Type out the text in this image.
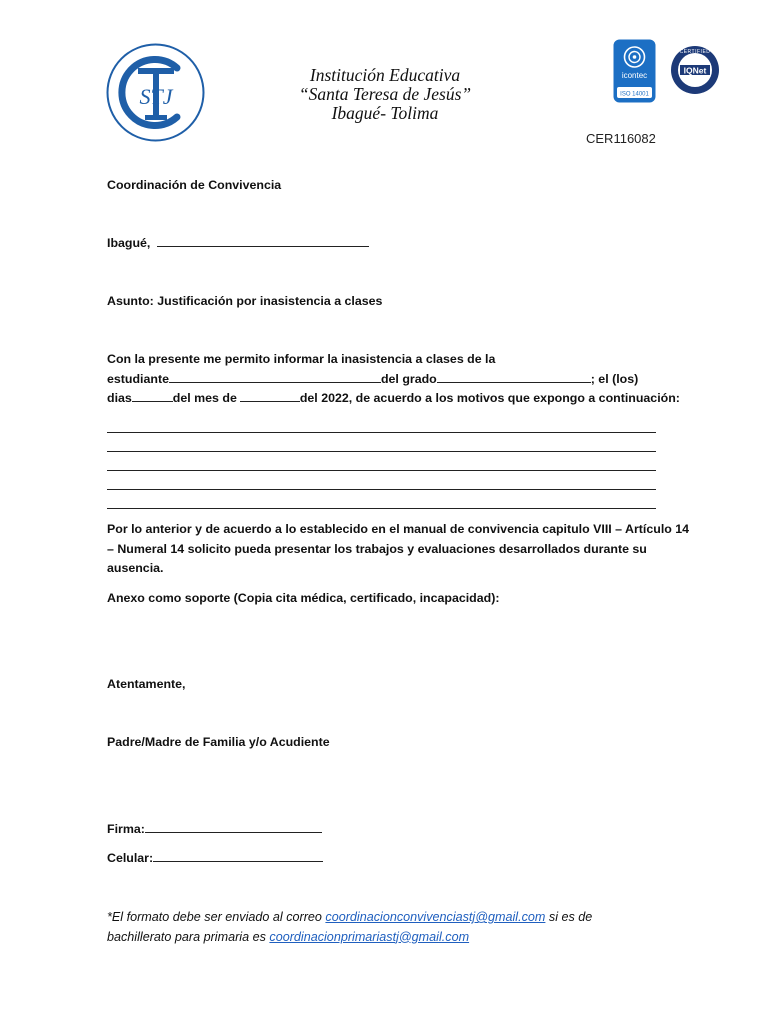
STJ
Institución Educativa
“Santa Teresa de Jesús”
Ibagué- Tolima
icontec
ISO 14001
CERTIFIED
IQNet
CER116082
Coordinación de Convivencia
Ibagué,
Asunto: Justificación por inasistencia a clases
Con la presente me permito informar la inasistencia a clases de la
estudiante	del grado	; el (los)
dias	del mes de	del 2022, de acuerdo a los motivos que expongo a continuación:
Por lo anterior y de acuerdo a lo establecido en el manual de convivencia capitulo VIII – Artículo 14
– Numeral 14 solicito pueda presentar los trabajos y evaluaciones desarrollados durante su
ausencia.
Anexo como soporte (Copia cita médica, certificado, incapacidad):
Atentamente,
Padre/Madre de Familia y/o Acudiente
Firma:
Celular:
*El formato debe ser enviado al correo coordinacionconvivenciastj@gmail.com si es de
bachillerato para primaria es coordinacionprimariastj@gmail.com
